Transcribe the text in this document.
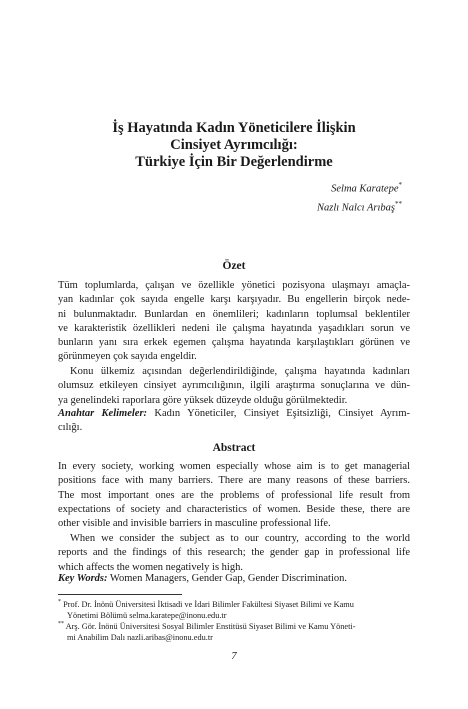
İş Hayatında Kadın Yöneticilere İlişkin
Cinsiyet Ayrımcılığı:
Türkiye İçin Bir Değerlendirme
Selma Karatepe*
Nazlı Nalcı Arıbaş**
Özet
Tüm toplumlarda, çalışan ve özellikle yönetici pozisyona ulaşmayı amaçla-
yan kadınlar çok sayıda engelle karşı karşıyadır. Bu engellerin birçok nede-
ni bulunmaktadır. Bunlardan en önemlileri; kadınların toplumsal beklentiler
ve karakteristik özellikleri nedeni ile çalışma hayatında yaşadıkları sorun ve
bunların yanı sıra erkek egemen çalışma hayatında karşılaştıkları görünen ve
görünmeyen çok sayıda engeldir.
Konu ülkemiz açısından değerlendirildiğinde, çalışma hayatında kadınları
olumsuz etkileyen cinsiyet ayrımcılığının, ilgili araştırma sonuçlarına ve dün-
ya genelindeki raporlara göre yüksek düzeyde olduğu görülmektedir.
Anahtar Kelimeler: Kadın Yöneticiler, Cinsiyet Eşitsizliği, Cinsiyet Ayrım-
cılığı.
Abstract
In every society, working women especially whose aim is to get managerial
positions face with many barriers. There are many reasons of these barriers.
The most important ones are the problems of professional life result from
expectations of society and characteristics of women. Beside these, there are
other visible and invisible barriers in masculine professional life.
When we consider the subject as to our country, according to the world
reports and the findings of this research; the gender gap in professional life
which affects the women negatively is high.
Key Words: Women Managers, Gender Gap, Gender Discrimination.
* Prof. Dr. İnönü Üniversitesi İktisadi ve İdari Bilimler Fakültesi Siyaset Bilimi ve Kamu
Yönetimi Bölümü selma.karatepe@inonu.edu.tr
** Arş. Gör. İnönü Üniversitesi Sosyal Bilimler Enstitüsü Siyaset Bilimi ve Kamu Yöneti-
mi Anabilim Dalı nazli.aribas@inonu.edu.tr
7
